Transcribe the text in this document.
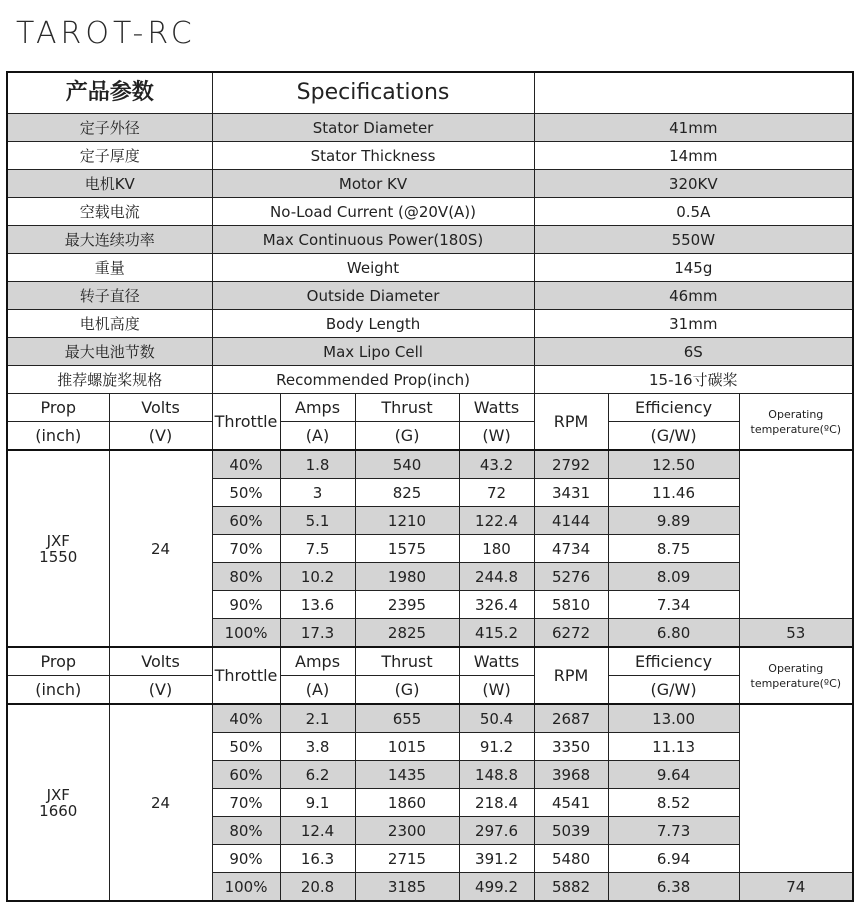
TAROT-RC
产品参数		Specifications						
定子外径		Stator Diameter				41mm		
定子厚度		Stator Thickness				14mm		
电机KV		Motor KV				320KV		
空载电流		No-Load Current (@20V(A))				0.5A		
最大连续功率		Max Continuous Power(180S)				550W		
重量		Weight				145g		
转子直径		Outside Diameter				46mm		
电机高度		Body Length				31mm		
最大电池节数		Max Lipo Cell				6S		
推荐螺旋桨规格		Recommended Prop(inch)				15-16寸碳桨		
Prop	Volts	Throttle	Amps	Thrust	Watts	RPM	Efficiency	Operating temperature(ºC)
(inch)	(V)		(A)	(G)	(W)		(G/W)	

JXF
1550	24	40%	1.8	540	43.2	2792	12.50	
		50%	3	825	72	3431	11.46	
		60%	5.1	1210	122.4	4144	9.89	
		70%	7.5	1575	180	4734	8.75	
		80%	10.2	1980	244.8	5276	8.09	
		90%	13.6	2395	326.4	5810	7.34	
		100%	17.3	2825	415.2	6272	6.80	53
Prop	Volts	Throttle	Amps	Thrust	Watts	RPM	Efficiency	Operating temperature(ºC)
(inch)	(V)		(A)	(G)	(W)		(G/W)	

JXF
1660	24	40%	2.1	655	50.4	2687	13.00	
		50%	3.8	1015	91.2	3350	11.13	
		60%	6.2	1435	148.8	3968	9.64	
		70%	9.1	1860	218.4	4541	8.52	
		80%	12.4	2300	297.6	5039	7.73	
		90%	16.3	2715	391.2	5480	6.94	
		100%	20.8	3185	499.2	5882	6.38	74
